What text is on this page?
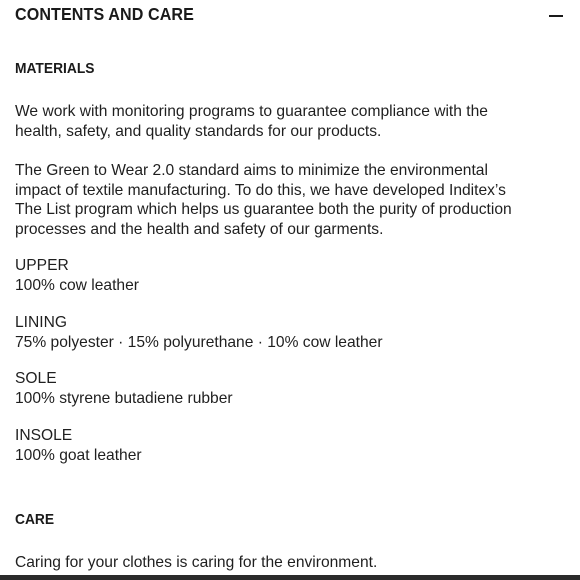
CONTENTS AND CARE
MATERIALS
We work with monitoring programs to guarantee compliance with the
health, safety, and quality standards for our products.
The Green to Wear 2.0 standard aims to minimize the environmental
impact of textile manufacturing. To do this, we have developed Inditex’s
The List program which helps us guarantee both the purity of production
processes and the health and safety of our garments.
UPPER
100% cow leather
LINING
75% polyester · 15% polyurethane · 10% cow leather
SOLE
100% styrene butadiene rubber
INSOLE
100% goat leather
CARE
Caring for your clothes is caring for the environment.
